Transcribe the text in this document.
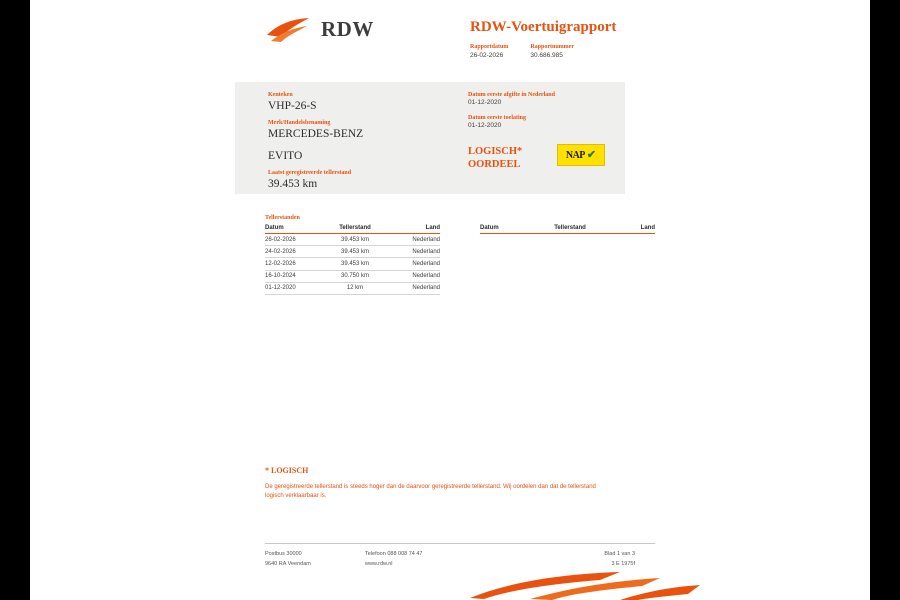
RDW	RDW-Voertuigrapport
Rapportdatum
26-02-2026
Rapportnummer
30.686.985
Kenteken
VHP-26-S
Merk/Handelsbenaming
MERCEDES-BENZ
EVITO
Laatst geregistreerde tellerstand
39.453 km
Datum eerste afgifte in Nederland
01-12-2020
Datum eerste toelating
01-12-2020
LOGISCH*
OORDEEL
NAP ✔
Tellerstanden
Datum	Tellerstand	Land
26-02-2026	39.453 km	Nederland
24-02-2026	39.453 km	Nederland
12-02-2026	39.453 km	Nederland
16-10-2024	30.750 km	Nederland
01-12-2020	12 km	Nederland
Datum	Tellerstand	Land
* LOGISCH
De geregistreerde tellerstand is steeds hoger dan de daarvoor geregistreerde tellerstand. Wij oordelen dan dat de tellerstand logisch verklaarbaar is.
Postbus 30000
9640 RA Veendam
Telefoon 088 008 74 47
www.rdw.nl
Blad 1 van 3
3 E 1975f
